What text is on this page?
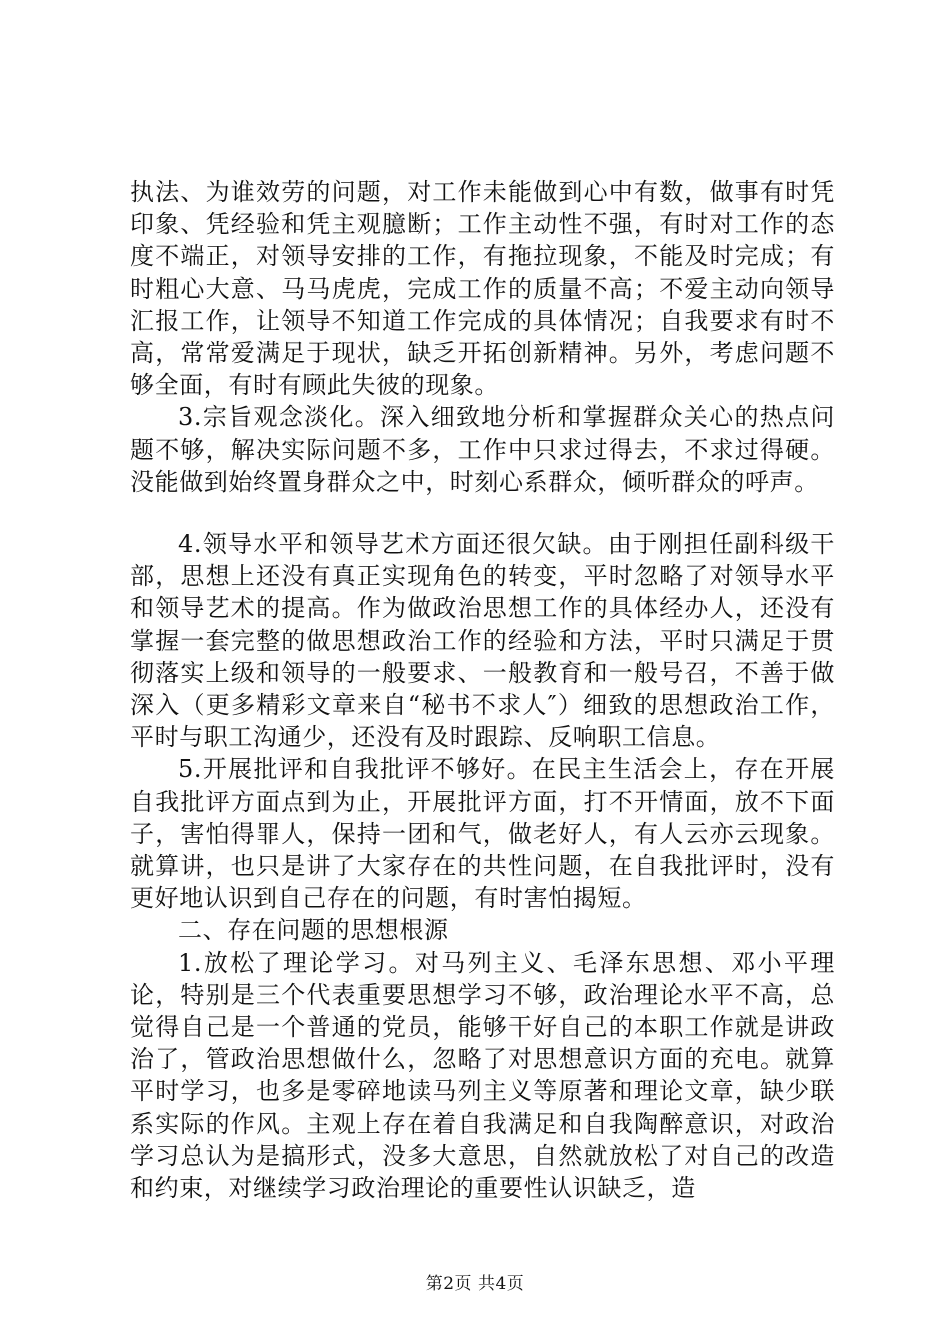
执法、为谁效劳的问题，对工作未能做到心中有数，做事有时凭印象、凭经验和凭主观臆断；工作主动性不强，有时对工作的态度不端正，对领导安排的工作，有拖拉现象，不能及时完成；有时粗心大意、马马虎虎，完成工作的质量不高；不爱主动向领导汇报工作，让领导不知道工作完成的具体情况；自我要求有时不高，常常爱满足于现状，缺乏开拓创新精神。另外，考虑问题不够全面，有时有顾此失彼的现象。

3.宗旨观念淡化。深入细致地分析和掌握群众关心的热点问题不够，解决实际问题不多，工作中只求过得去，不求过得硬。没能做到始终置身群众之中，时刻心系群众，倾听群众的呼声。

4.领导水平和领导艺术方面还很欠缺。由于刚担任副科级干部，思想上还没有真正实现角色的转变，平时忽略了对领导水平和领导艺术的提高。作为做政治思想工作的具体经办人，还没有掌握一套完整的做思想政治工作的经验和方法，平时只满足于贯彻落实上级和领导的一般要求、一般教育和一般号召，不善于做深入（更多精彩文章来自“秘书不求人″）细致的思想政治工作，平时与职工沟通少，还没有及时跟踪、反响职工信息。

5.开展批评和自我批评不够好。在民主生活会上，存在开展自我批评方面点到为止，开展批评方面，打不开情面，放不下面子，害怕得罪人，保持一团和气，做老好人，有人云亦云现象。就算讲，也只是讲了大家存在的共性问题，在自我批评时，没有更好地认识到自己存在的问题，有时害怕揭短。

二、存在问题的思想根源

1.放松了理论学习。对马列主义、毛泽东思想、邓小平理论，特别是三个代表重要思想学习不够，政治理论水平不高，总觉得自己是一个普通的党员，能够干好自己的本职工作就是讲政治了，管政治思想做什么，忽略了对思想意识方面的充电。就算平时学习，也多是零碎地读马列主义等原著和理论文章，缺少联系实际的作风。主观上存在着自我满足和自我陶醉意识，对政治学习总认为是搞形式，没多大意思，自然就放松了对自己的改造和约束，对继续学习政治理论的重要性认识缺乏，造

第2页 共4页
